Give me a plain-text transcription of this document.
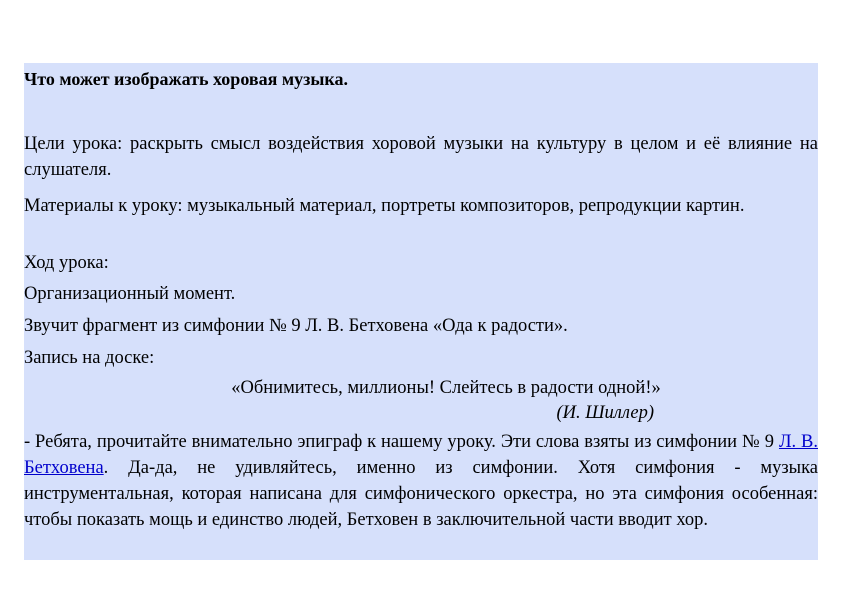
Что может изображать хоровая музыка.

Цели урока: раскрыть смысл воздействия хоровой музыки на культуру в целом и её влияние на слушателя.

Материалы к уроку: музыкальный материал, портреты композиторов, репродукции картин.

Ход урока:

Организационный момент.

Звучит фрагмент из симфонии № 9 Л. В. Бетховена «Ода к радости».

Запись на доске:

«Обнимитесь, миллионы! Слейтесь в радости одной!»

(И. Шиллер)

- Ребята, прочитайте внимательно эпиграф к нашему уроку. Эти слова взяты из симфонии № 9 Л. В. Бетховена. Да-да, не удивляйтесь, именно из симфонии. Хотя симфония - музыка инструментальная, которая написана для симфонического оркестра, но эта симфония особенная: чтобы показать мощь и единство людей, Бетховен в заключительной части вводит хор.
